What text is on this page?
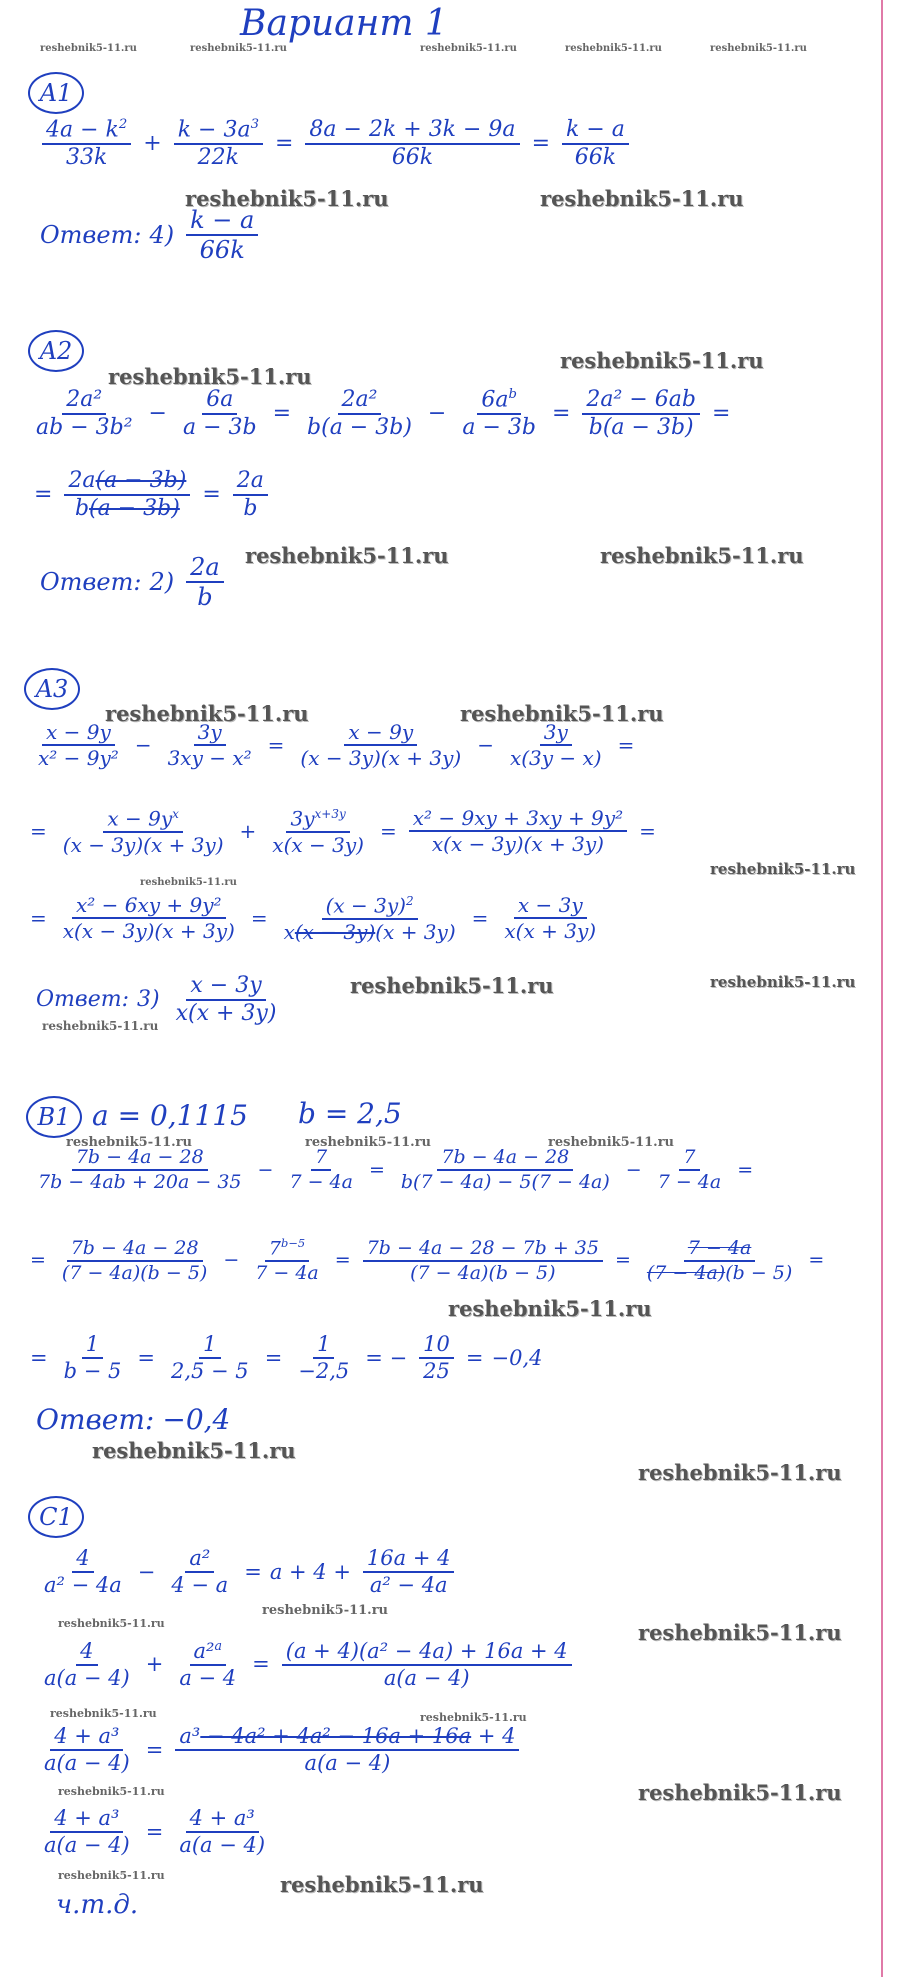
Вариант 1
reshebnik5-11.ru	reshebnik5-11.ru	reshebnik5-11.ru	reshebnik5-11.ru	reshebnik5-11.ru
A1
$\frac{4a - k^2}{33k} + \frac{k - 3a^3}{22k} = \frac{8a - 2k + 3k - 9a}{66k} = \frac{k - a}{66k}$
reshebnik5-11.ru	reshebnik5-11.ru
Ответ: $4) \frac{k - a}{66k}$
A2
reshebnik5-11.ru
reshebnik5-11.ru
$\frac{\text{2a²}}{\text{ab − 3b²}} - \frac{6a}{a - 3b} = \frac{\text{2a²}}{b(a - 3b)} - \frac{6a^b}{a - 3b} = \frac{\text{2a² − 6ab}}{b(a - 3b)}$ =
= $\frac{2a(a - 3b)}{b(a - 3b)} = \frac{2a}{b}$
reshebnik5-11.ru	reshebnik5-11.ru
Ответ: $2) \frac{2a}{b}$
A3
reshebnik5-11.ru	reshebnik5-11.ru
$\frac{x - 9y}{\text{x² − 9y²}} - \frac{3y}{\text{3xy − x²}} = \frac{x - 9y}{(x - 3y)(x + 3y)} - \frac{3y}{x(3y - x)}$ =
= $\frac{x - 9y^x}{(x - 3y)(x + 3y)} + \frac{3y^{x+3y}}{x(x - 3y)} = \frac{\text{x² − 9xy + 3xy + 9y²}}{x(x - 3y)(x + 3y)}$ =
reshebnik5-11.ru
reshebnik5-11.ru
= $\frac{\text{x² − 6xy + 9y²}}{x(x - 3y)(x + 3y)} = \frac{(x - 3y)^2}{x(x - 3y)(x + 3y)} = \frac{x - 3y}{x(x + 3y)}$
reshebnik5-11.ru	reshebnik5-11.ru
Ответ: $3) \frac{x - 3y}{x(x + 3y)}$
reshebnik5-11.ru
B1 a = 0,1115 b = 2,5
reshebnik5-11.ru	reshebnik5-11.ru	reshebnik5-11.ru
$\frac{7b - 4a - 28}{7b - 4ab + 20a - 35} - \frac{7}{7 - 4a} = \frac{7b - 4a - 28}{b(7 - 4a) - 5(7 - 4a)} - \frac{7}{7 - 4a}$ =
= $\frac{7b - 4a - 28}{(7 - 4a)(b - 5)} - \frac{7^{b-5}}{7 - 4a} = \frac{7b - 4a - 28 - 7b + 35}{(7 - 4a)(b - 5)} = \frac{7 - 4a}{(7 - 4a)(b - 5)}$ =
reshebnik5-11.ru
= $\frac{1}{b - 5} = \frac{1}{2,5 - 5} = \frac{1}{-2,5}$ = − $\frac{10}{25} = -0,4$
Ответ: −0,4
reshebnik5-11.ru
reshebnik5-11.ru
C1
$\frac{4}{\text{a² − 4a}} - \frac{\text{a²}}{4 - a} = a + 4 + \frac{16a + 4}{\text{a² − 4a}}$
reshebnik5-11.ru
reshebnik5-11.ru	reshebnik5-11.ru
$\frac{4}{a(a - 4)} + \frac{a^2^a}{a - 4} = \frac{\text{(a + 4)(a² − 4a) + 16a + 4}}{a(a - 4)}$
reshebnik5-11.ru	reshebnik5-11.ru
$\frac{\text{4 + a³}}{a(a - 4)} = \frac{\text{a³ − 4a² + 4a² − 16a + 16a + 4}}{a(a - 4)}$
reshebnik5-11.ru	reshebnik5-11.ru
$\frac{\text{4 + a³}}{a(a - 4)} = \frac{\text{4 + a³}}{a(a - 4)}$
reshebnik5-11.ru	reshebnik5-11.ru
ч.т.д.
